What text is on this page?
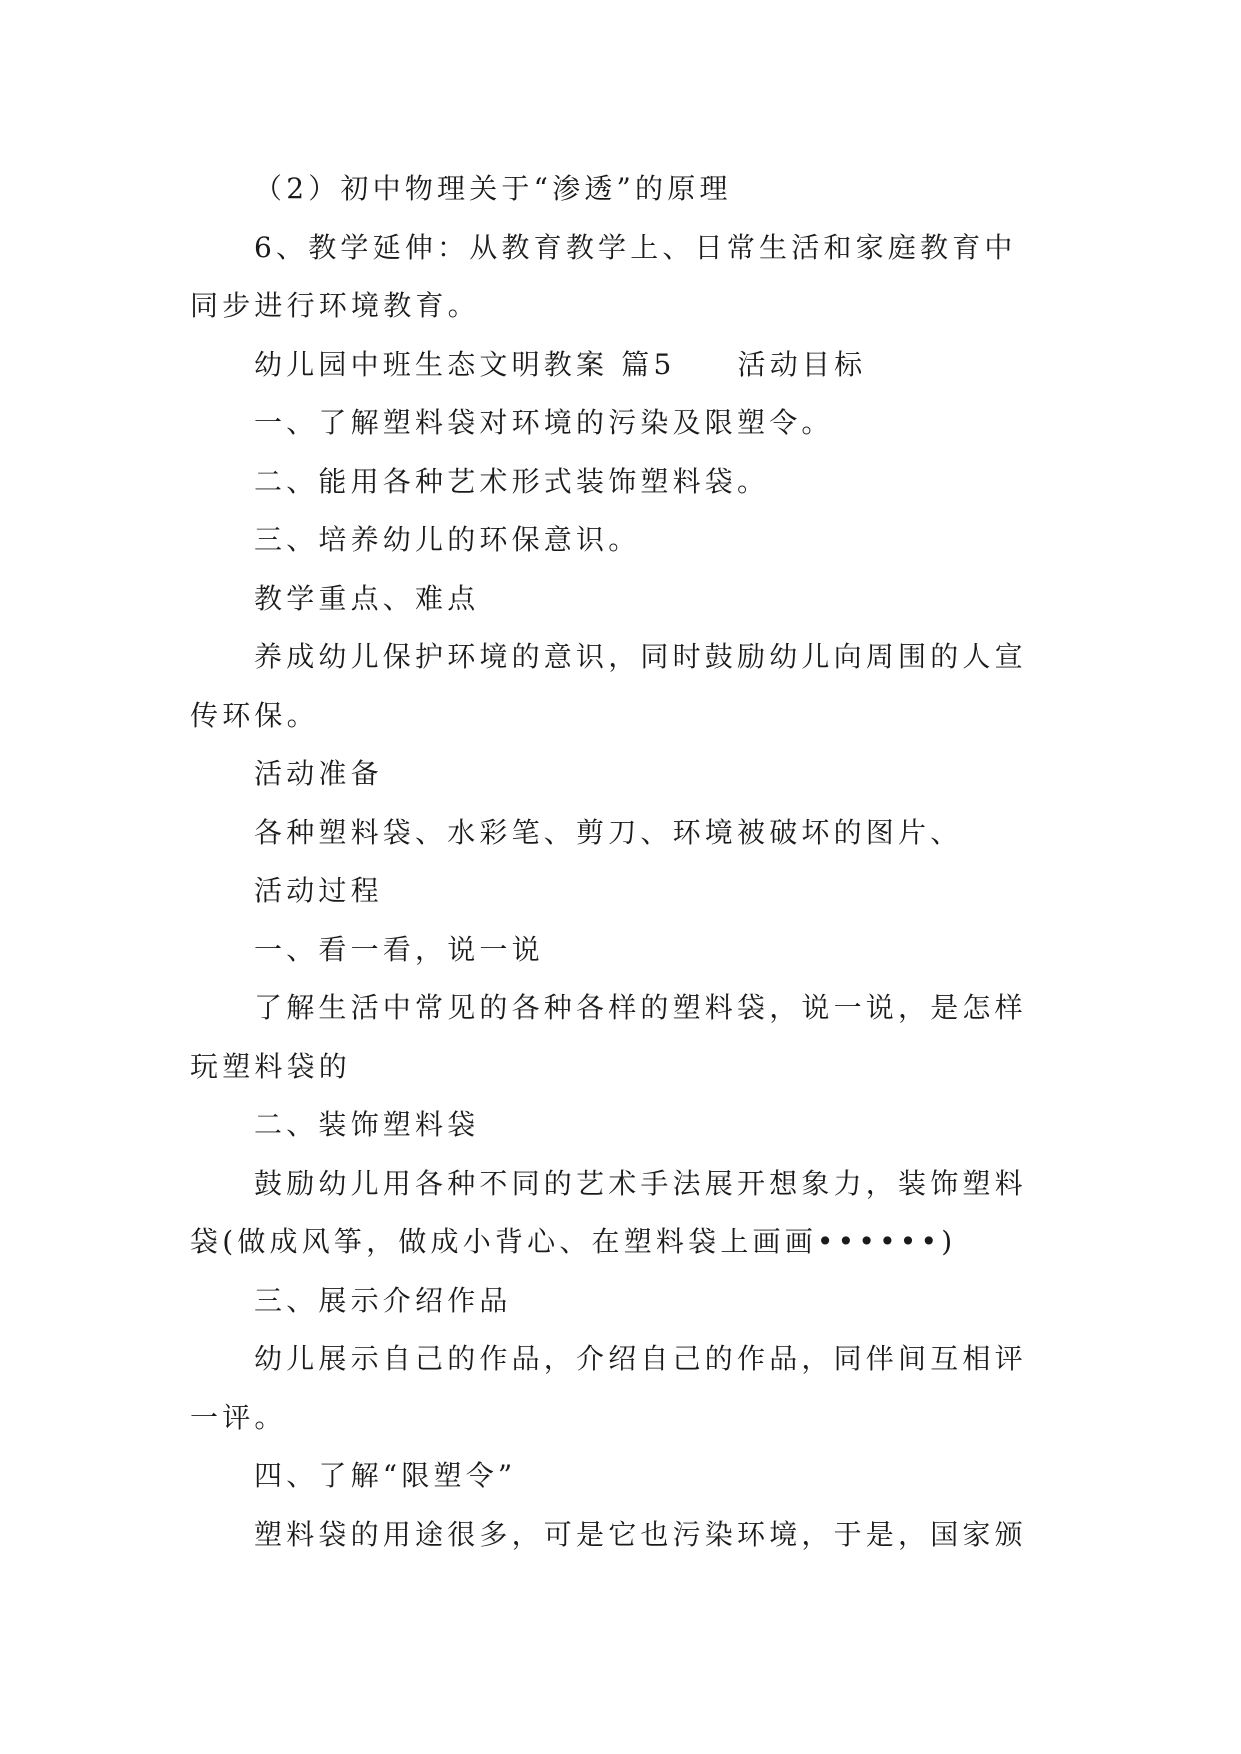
（2）初中物理关于“渗透”的原理
6、教学延伸：从教育教学上、日常生活和家庭教育中
同步进行环境教育。
幼儿园中班生态文明教案 篇5 活动目标
一、了解塑料袋对环境的污染及限塑令。
二、能用各种艺术形式装饰塑料袋。
三、培养幼儿的环保意识。
教学重点、难点
养成幼儿保护环境的意识，同时鼓励幼儿向周围的人宣
传环保。
活动准备
各种塑料袋、水彩笔、剪刀、环境被破坏的图片、
活动过程
一、看一看，说一说
了解生活中常见的各种各样的塑料袋，说一说，是怎样
玩塑料袋的
二、装饰塑料袋
鼓励幼儿用各种不同的艺术手法展开想象力，装饰塑料
袋(做成风筝，做成小背心、在塑料袋上画画••••••)
三、展示介绍作品
幼儿展示自己的作品，介绍自己的作品，同伴间互相评
一评。
四、了解“限塑令”
塑料袋的用途很多，可是它也污染环境，于是，国家颁
